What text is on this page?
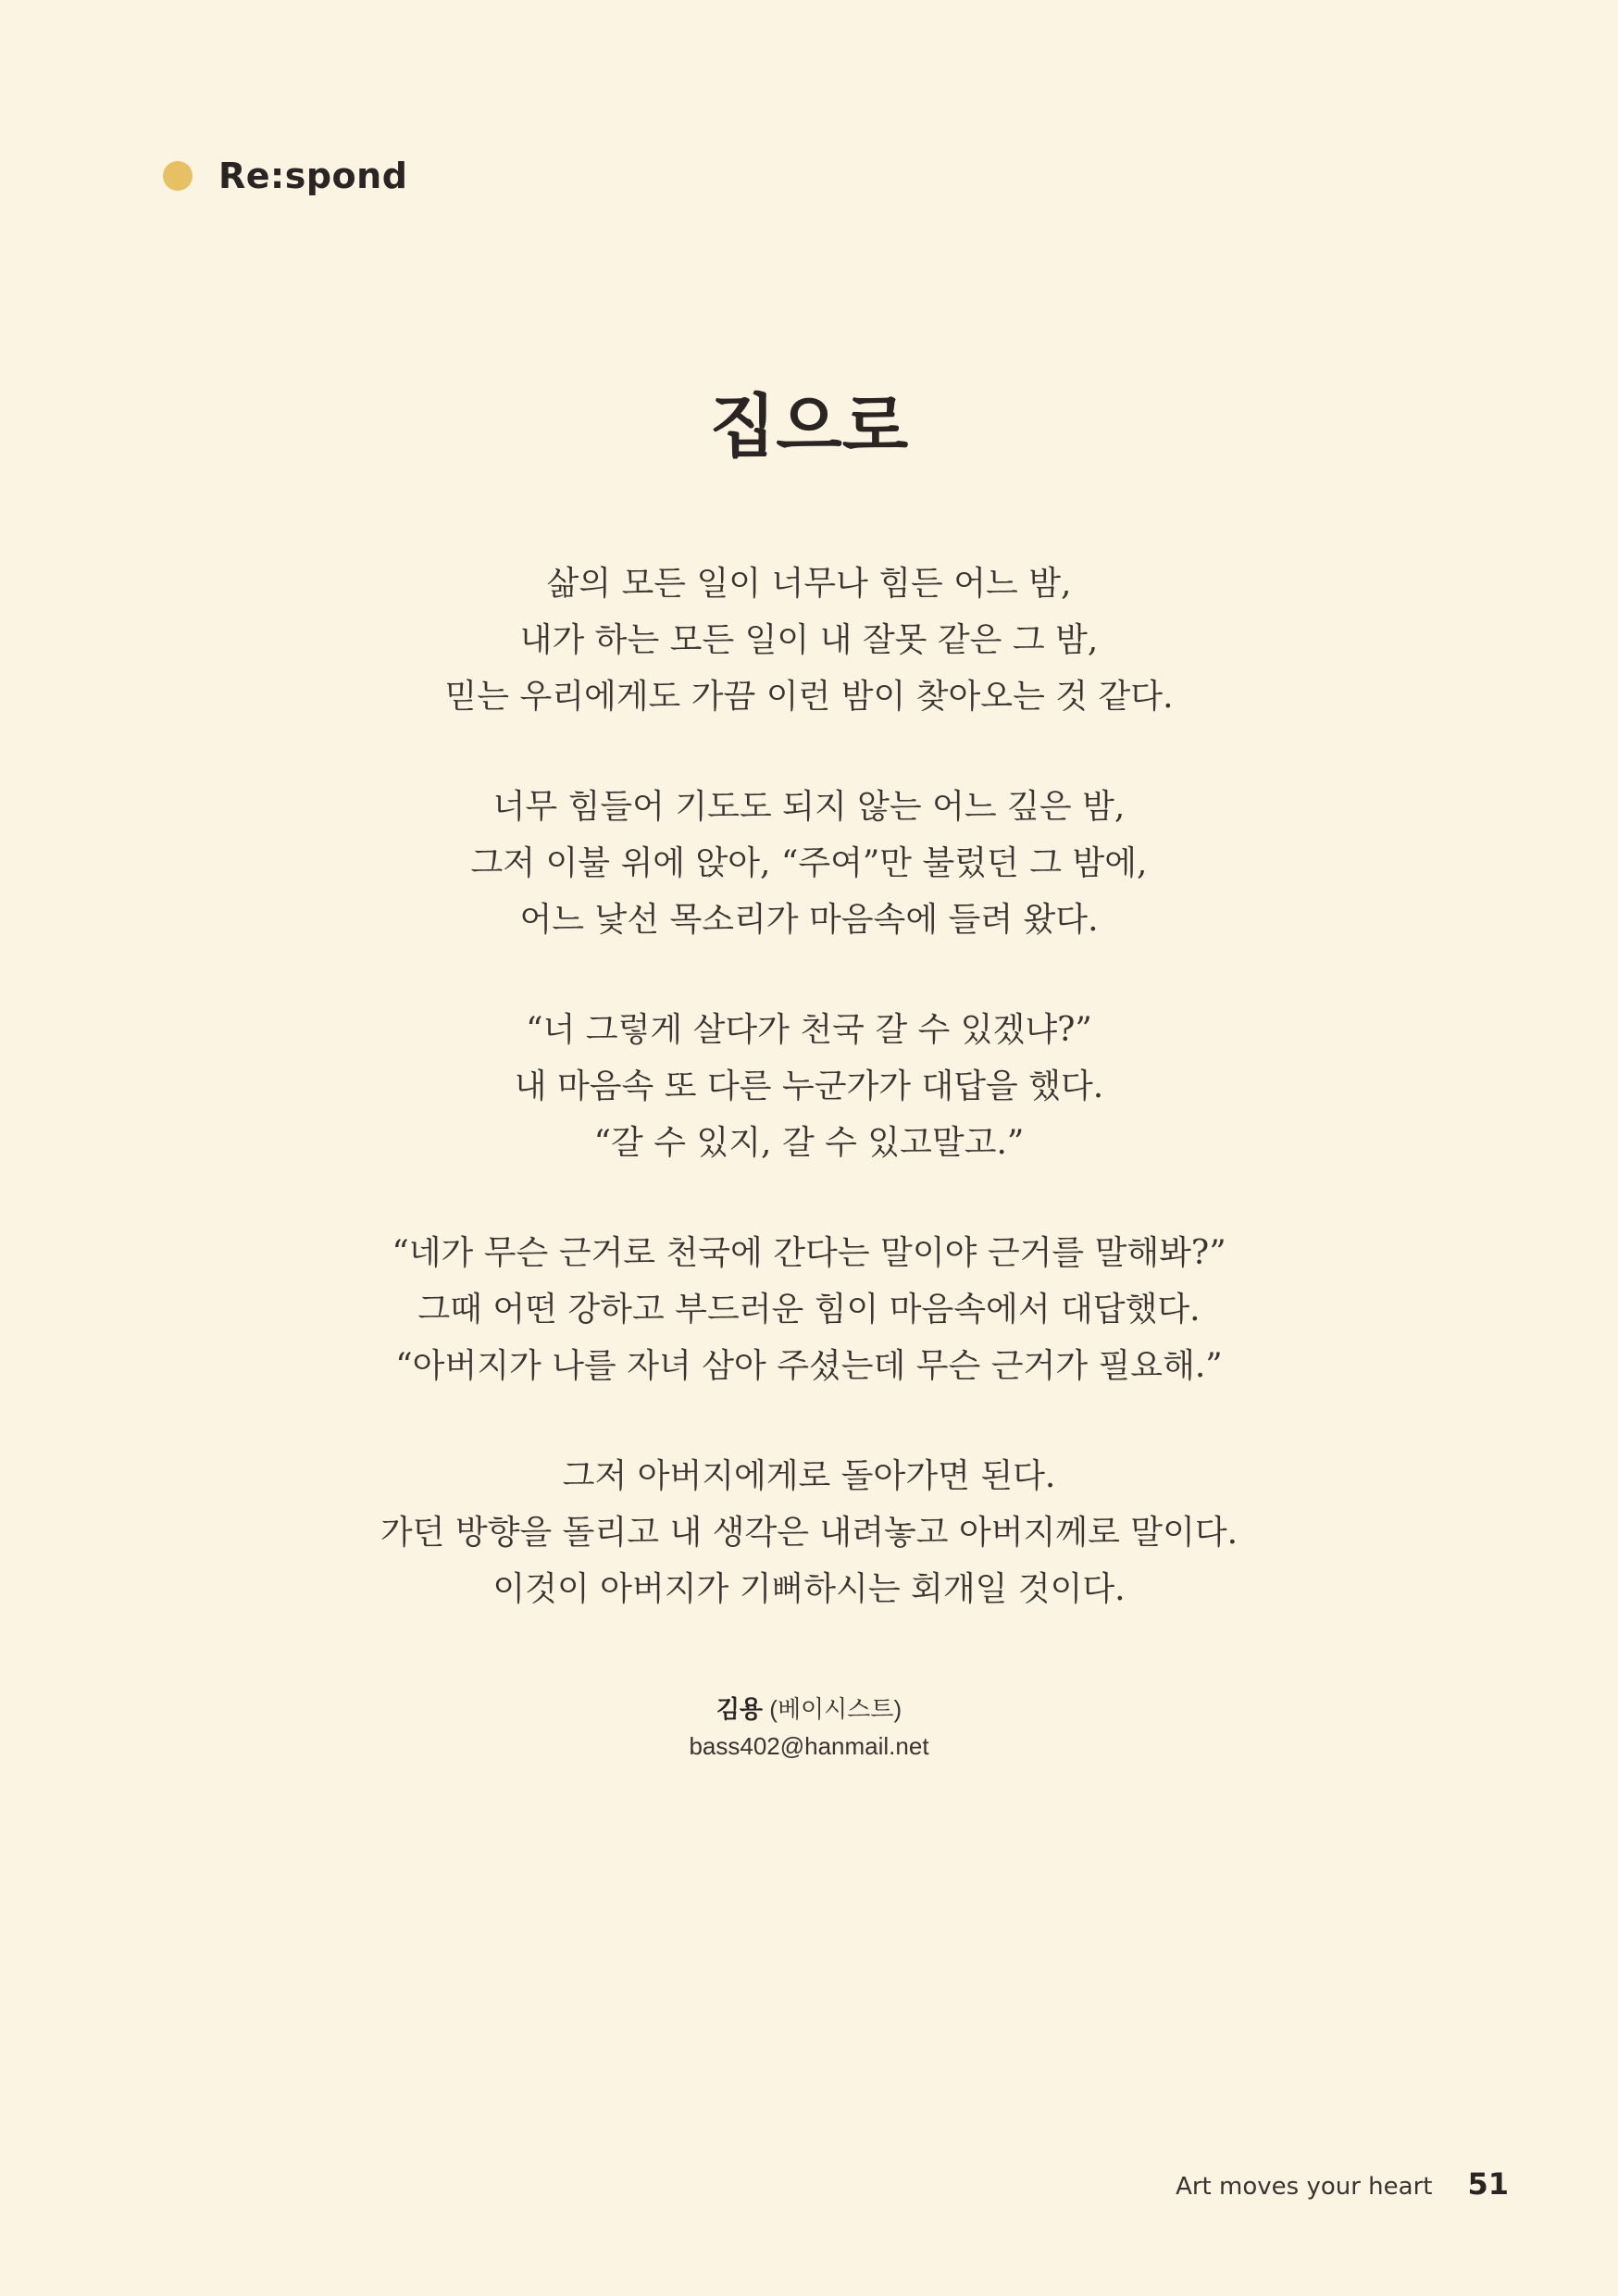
Re:spond
집으로
삶의 모든 일이 너무나 힘든 어느 밤,
내가 하는 모든 일이 내 잘못 같은 그 밤,
믿는 우리에게도 가끔 이런 밤이 찾아오는 것 같다.
너무 힘들어 기도도 되지 않는 어느 깊은 밤,
그저 이불 위에 앉아, “주여”만 불렀던 그 밤에,
어느 낯선 목소리가 마음속에 들려 왔다.
“너 그렇게 살다가 천국 갈 수 있겠냐?”
내 마음속 또 다른 누군가가 대답을 했다.
“갈 수 있지, 갈 수 있고말고.”
“네가 무슨 근거로 천국에 간다는 말이야 근거를 말해봐?”
그때 어떤 강하고 부드러운 힘이 마음속에서 대답했다.
“아버지가 나를 자녀 삼아 주셨는데 무슨 근거가 필요해.”
그저 아버지에게로 돌아가면 된다.
가던 방향을 돌리고 내 생각은 내려놓고 아버지께로 말이다.
이것이 아버지가 기뻐하시는 회개일 것이다.
김용 (베이시스트)
bass402@hanmail.net
Art moves your heart 51
